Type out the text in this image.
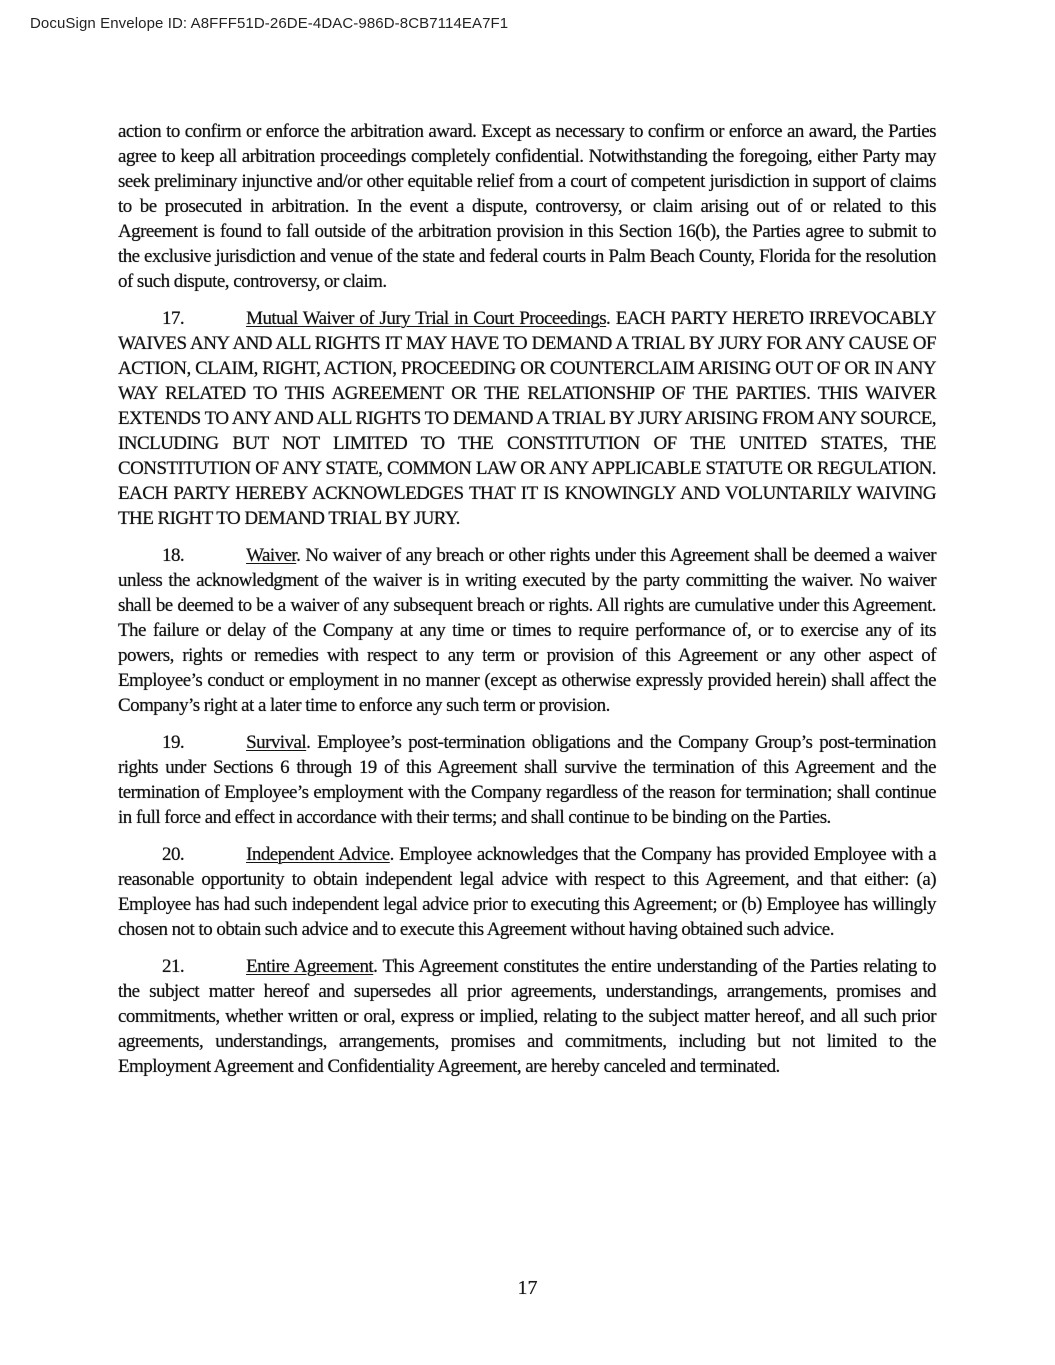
DocuSign Envelope ID: A8FFF51D-26DE-4DAC-986D-8CB7114EA7F1

action to confirm or enforce the arbitration award. Except as necessary to confirm or enforce an award, the Parties agree to keep all arbitration proceedings completely confidential. Notwithstanding the foregoing, either Party may seek preliminary injunctive and/or other equitable relief from a court of competent jurisdiction in support of claims to be prosecuted in arbitration. In the event a dispute, controversy, or claim arising out of or related to this Agreement is found to fall outside of the arbitration provision in this Section 16(b), the Parties agree to submit to the exclusive jurisdiction and venue of the state and federal courts in Palm Beach County, Florida for the resolution of such dispute, controversy, or claim.

17.	Mutual Waiver of Jury Trial in Court Proceedings. EACH PARTY HERETO IRREVOCABLY WAIVES ANY AND ALL RIGHTS IT MAY HAVE TO DEMAND A TRIAL BY JURY FOR ANY CAUSE OF ACTION, CLAIM, RIGHT, ACTION, PROCEEDING OR COUNTERCLAIM ARISING OUT OF OR IN ANY WAY RELATED TO THIS AGREEMENT OR THE RELATIONSHIP OF THE PARTIES. THIS WAIVER EXTENDS TO ANY AND ALL RIGHTS TO DEMAND A TRIAL BY JURY ARISING FROM ANY SOURCE, INCLUDING BUT NOT LIMITED TO THE CONSTITUTION OF THE UNITED STATES, THE CONSTITUTION OF ANY STATE, COMMON LAW OR ANY APPLICABLE STATUTE OR REGULATION. EACH PARTY HEREBY ACKNOWLEDGES THAT IT IS KNOWINGLY AND VOLUNTARILY WAIVING THE RIGHT TO DEMAND TRIAL BY JURY.

18.	Waiver. No waiver of any breach or other rights under this Agreement shall be deemed a waiver unless the acknowledgment of the waiver is in writing executed by the party committing the waiver. No waiver shall be deemed to be a waiver of any subsequent breach or rights. All rights are cumulative under this Agreement. The failure or delay of the Company at any time or times to require performance of, or to exercise any of its powers, rights or remedies with respect to any term or provision of this Agreement or any other aspect of Employee’s conduct or employment in no manner (except as otherwise expressly provided herein) shall affect the Company’s right at a later time to enforce any such term or provision.

19.	Survival. Employee’s post-termination obligations and the Company Group’s post-termination rights under Sections 6 through 19 of this Agreement shall survive the termination of this Agreement and the termination of Employee’s employment with the Company regardless of the reason for termination; shall continue in full force and effect in accordance with their terms; and shall continue to be binding on the Parties.

20.	Independent Advice. Employee acknowledges that the Company has provided Employee with a reasonable opportunity to obtain independent legal advice with respect to this Agreement, and that either: (a) Employee has had such independent legal advice prior to executing this Agreement; or (b) Employee has willingly chosen not to obtain such advice and to execute this Agreement without having obtained such advice.

21.	Entire Agreement. This Agreement constitutes the entire understanding of the Parties relating to the subject matter hereof and supersedes all prior agreements, understandings, arrangements, promises and commitments, whether written or oral, express or implied, relating to the subject matter hereof, and all such prior agreements, understandings, arrangements, promises and commitments, including but not limited to the Employment Agreement and Confidentiality Agreement, are hereby canceled and terminated.

17
